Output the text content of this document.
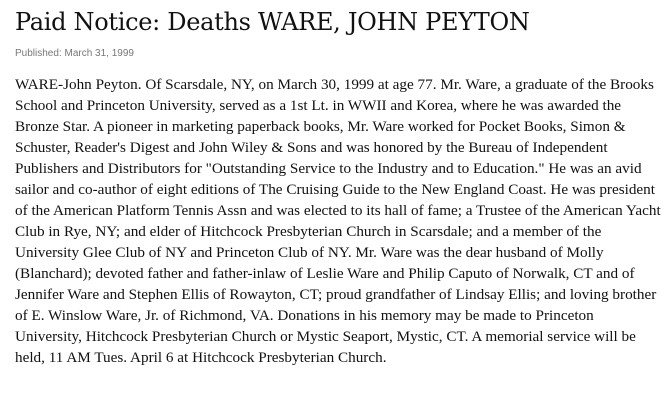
Paid Notice: Deaths WARE, JOHN PEYTON
Published: March 31, 1999

WARE-John Peyton. Of Scarsdale, NY, on March 30, 1999 at age 77. Mr. Ware, a graduate of the Brooks School and Princeton University, served as a 1st Lt. in WWII and Korea, where he was awarded the Bronze Star. A pioneer in marketing paperback books, Mr. Ware worked for Pocket Books, Simon & Schuster, Reader's Digest and John Wiley & Sons and was honored by the Bureau of Independent Publishers and Distributors for "Outstanding Service to the Industry and to Education." He was an avid sailor and co-author of eight editions of The Cruising Guide to the New England Coast. He was president of the American Platform Tennis Assn and was elected to its hall of fame; a Trustee of the American Yacht Club in Rye, NY; and elder of Hitchcock Presbyterian Church in Scarsdale; and a member of the University Glee Club of NY and Princeton Club of NY. Mr. Ware was the dear husband of Molly (Blanchard); devoted father and father-inlaw of Leslie Ware and Philip Caputo of Norwalk, CT and of Jennifer Ware and Stephen Ellis of Rowayton, CT; proud grandfather of Lindsay Ellis; and loving brother of E. Winslow Ware, Jr. of Richmond, VA. Donations in his memory may be made to Princeton University, Hitchcock Presbyterian Church or Mystic Seaport, Mystic, CT. A memorial service will be held, 11 AM Tues. April 6 at Hitchcock Presbyterian Church.
